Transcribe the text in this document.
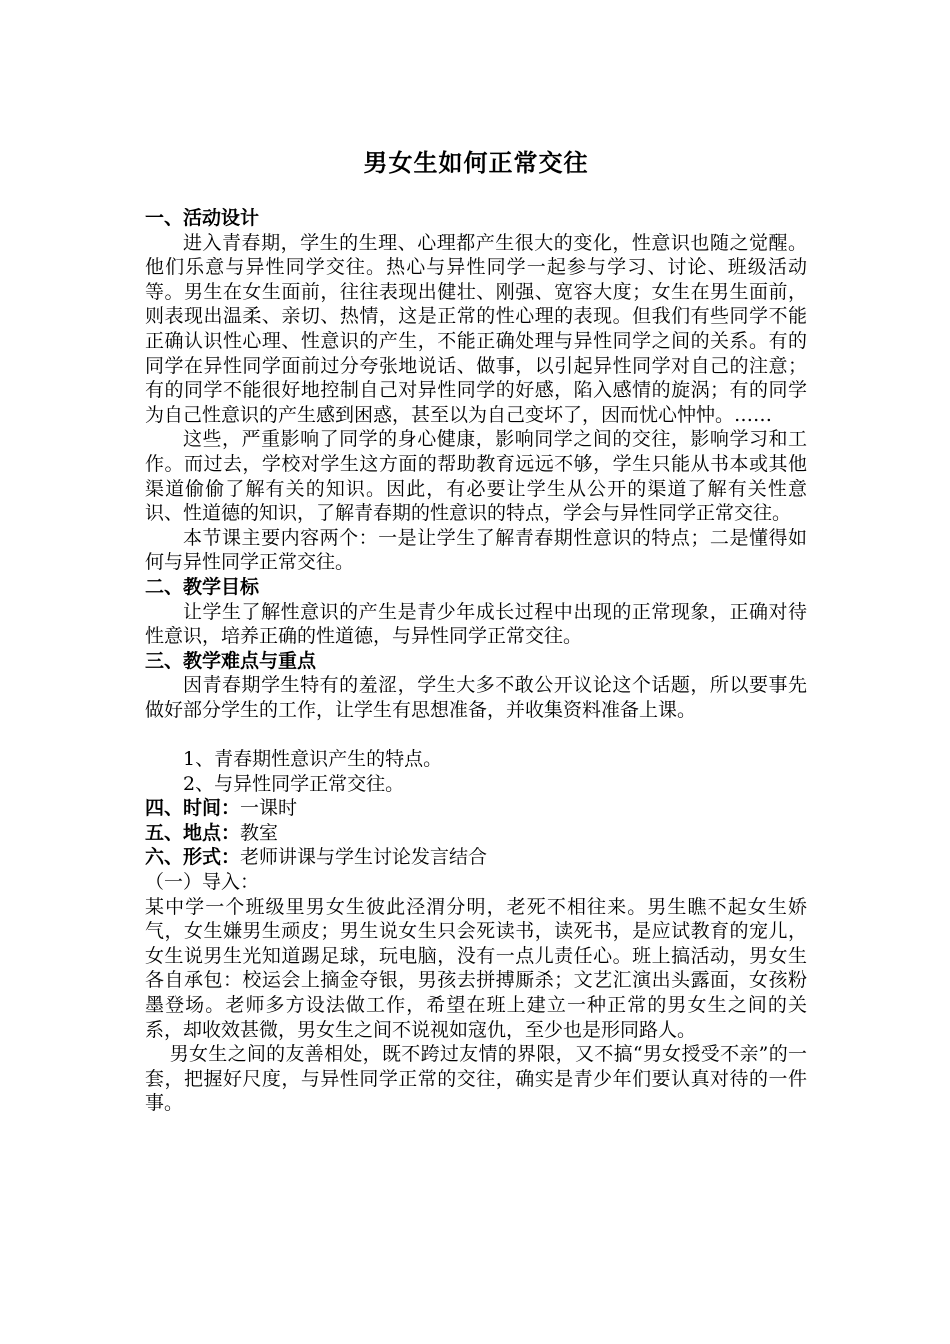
男女生如何正常交往

一、活动设计

进入青春期，学生的生理、心理都产生很大的变化，性意识也随之觉醒。他们乐意与异性同学交往。热心与异性同学一起参与学习、讨论、班级活动等。男生在女生面前，往往表现出健壮、刚强、宽容大度；女生在男生面前，则表现出温柔、亲切、热情，这是正常的性心理的表现。但我们有些同学不能正确认识性心理、性意识的产生，不能正确处理与异性同学之间的关系。有的同学在异性同学面前过分夸张地说话、做事，以引起异性同学对自己的注意；有的同学不能很好地控制自己对异性同学的好感，陷入感情的旋涡；有的同学为自己性意识的产生感到困惑，甚至以为自己变坏了，因而忧心忡忡。……

这些，严重影响了同学的身心健康，影响同学之间的交往，影响学习和工作。而过去，学校对学生这方面的帮助教育远远不够，学生只能从书本或其他渠道偷偷了解有关的知识。因此，有必要让学生从公开的渠道了解有关性意识、性道德的知识，了解青春期的性意识的特点，学会与异性同学正常交往。

本节课主要内容两个：一是让学生了解青春期性意识的特点；二是懂得如何与异性同学正常交往。

二、教学目标

让学生了解性意识的产生是青少年成长过程中出现的正常现象，正确对待性意识，培养正确的性道德，与异性同学正常交往。

三、教学难点与重点

因青春期学生特有的羞涩，学生大多不敢公开议论这个话题，所以要事先做好部分学生的工作，让学生有思想准备，并收集资料准备上课。

1、青春期性意识产生的特点。

2、与异性同学正常交往。

四、时间：一课时

五、地点：教室

六、形式：老师讲课与学生讨论发言结合

（一）导入：

某中学一个班级里男女生彼此泾渭分明，老死不相往来。男生瞧不起女生娇气，女生嫌男生顽皮；男生说女生只会死读书，读死书，是应试教育的宠儿，女生说男生光知道踢足球，玩电脑，没有一点儿责任心。班上搞活动，男女生各自承包：校运会上摘金夺银，男孩去拼搏厮杀；文艺汇演出头露面，女孩粉墨登场。老师多方设法做工作，希望在班上建立一种正常的男女生之间的关系，却收效甚微，男女生之间不说视如寇仇，至少也是形同路人。

男女生之间的友善相处，既不跨过友情的界限，又不搞“男女授受不亲”的一套，把握好尺度，与异性同学正常的交往，确实是青少年们要认真对待的一件事。
